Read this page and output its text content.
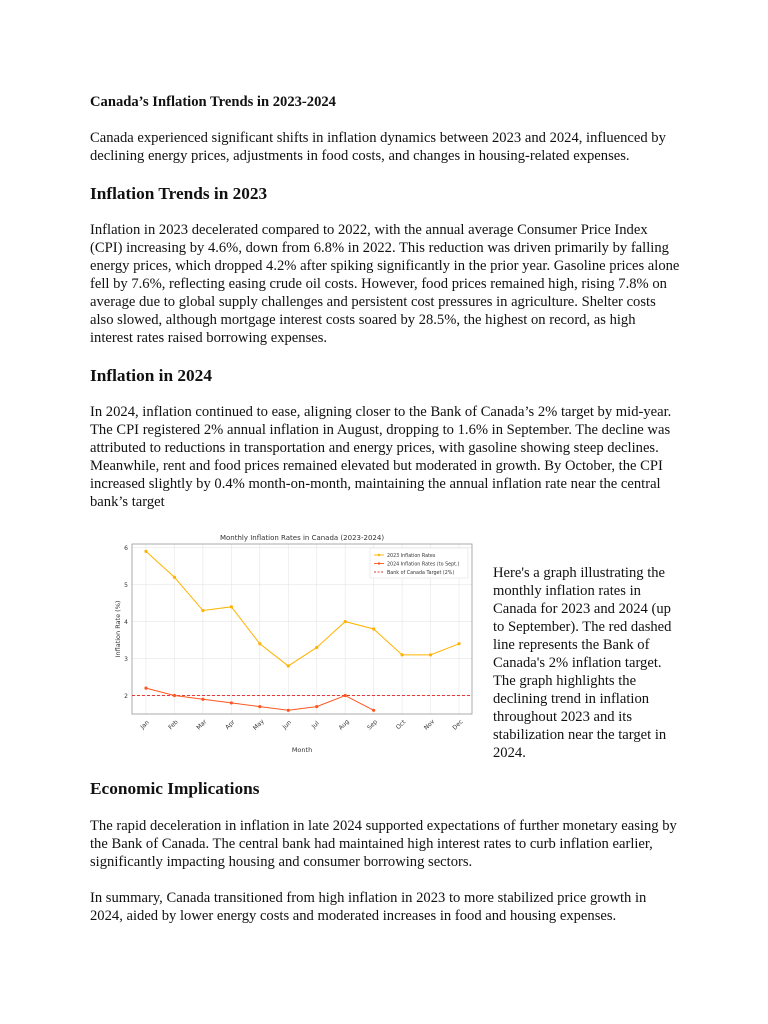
Canada’s Inflation Trends in 2023-2024

Canada experienced significant shifts in inflation dynamics between 2023 and 2024, influenced by declining energy prices, adjustments in food costs, and changes in housing-related expenses.

Inflation Trends in 2023

Inflation in 2023 decelerated compared to 2022, with the annual average Consumer Price Index (CPI) increasing by 4.6%, down from 6.8% in 2022. This reduction was driven primarily by falling energy prices, which dropped 4.2% after spiking significantly in the prior year. Gasoline prices alone fell by 7.6%, reflecting easing crude oil costs. However, food prices remained high, rising 7.8% on average due to global supply challenges and persistent cost pressures in agriculture. Shelter costs also slowed, although mortgage interest costs soared by 28.5%, the highest on record, as high interest rates raised borrowing expenses.

Inflation in 2024

In 2024, inflation continued to ease, aligning closer to the Bank of Canada’s 2% target by mid-year. The CPI registered 2% annual inflation in August, dropping to 1.6% in September. The decline was attributed to reductions in transportation and energy prices, with gasoline showing steep declines. Meanwhile, rent and food prices remained elevated but moderated in growth. By October, the CPI increased slightly by 0.4% month-on-month, maintaining the annual inflation rate near the central bank’s target

Economic Implications

The rapid deceleration in inflation in late 2024 supported expectations of further monetary easing by the Bank of Canada. The central bank had maintained high interest rates to curb inflation earlier, significantly impacting housing and consumer borrowing sectors.

In summary, Canada transitioned from high inflation in 2023 to more stabilized price growth in 2024, aided by lower energy costs and moderated increases in food and housing expenses.

Monthly Inflation Rates in Canada (2023-2024)
2
3
4
5
6
Jan	Feb	Mar	Apr	May	Jun	Jul	Aug	Sep	Oct	Nov	Dec
Month
Inflation Rate (%)
2023 Inflation Rates
2024 Inflation Rates (to Sept.)
Bank of Canada Target (2%)	Here's a graph illustrating the monthly inflation rates in Canada for 2023 and 2024 (up to September). The red dashed line represents the Bank of Canada's 2% inflation target. The graph highlights the declining trend in inflation throughout 2023 and its stabilization near the target in 2024.
